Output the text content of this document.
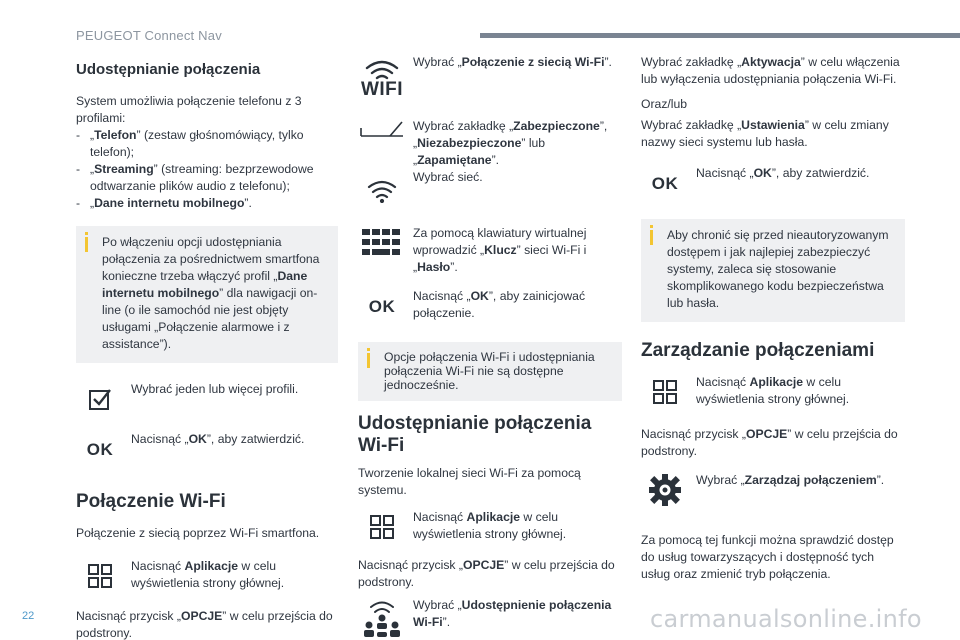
PEUGEOT Connect Nav
Udostępnianie połączenia

System umożliwia połączenie telefonu z 3 profilami:

- „Telefon” (zestaw głośnomówiący, tylko telefon);
- „Streaming” (streaming: bezprzewodowe odtwarzanie plików audio z telefonu);
- „Dane internetu mobilnego”.
Po włączeniu opcji udostępniania połączenia za pośrednictwem smartfona konieczne trzeba włączyć profil „Dane internetu mobilnego” dla nawigacji on-line (o ile samochód nie jest objęty usługami „Połączenie alarmowe i z assistance”).
Wybrać jeden lub więcej profili.
OK
Nacisnąć „OK”, aby zatwierdzić.
Połączenie Wi-Fi

Połączenie z siecią poprzez Wi-Fi smartfona.

Nacisnąć Aplikacje w celu wyświetlenia strony głównej.

Nacisnąć przycisk „OPCJE” w celu przejścia do podstrony.

WIFI
Wybrać „Połączenie z siecią Wi-Fi”.
Wybrać zakładkę „Zabezpieczone”, „Niezabezpieczone” lub „Zapamiętane”.
Wybrać sieć.
Za pomocą klawiatury wirtualnej wprowadzić „Klucz” sieci Wi-Fi i „Hasło”.
OK
Nacisnąć „OK”, aby zainicjować połączenie.
Opcje połączenia Wi-Fi i udostępniania połączenia Wi-Fi nie są dostępne jednocześnie.
Udostępnianie połączenia Wi-Fi

Tworzenie lokalnej sieci Wi-Fi za pomocą systemu.

Nacisnąć Aplikacje w celu wyświetlenia strony głównej.

Nacisnąć przycisk „OPCJE” w celu przejścia do podstrony.

Wybrać „Udostępnienie połączenia Wi-Fi”.

Wybrać zakładkę „Aktywacja” w celu włączenia lub wyłączenia udostępniania połączenia Wi-Fi.

Oraz/lub

Wybrać zakładkę „Ustawienia” w celu zmiany nazwy sieci systemu lub hasła.

OK
Nacisnąć „OK”, aby zatwierdzić.
Aby chronić się przed nieautoryzowanym dostępem i jak najlepiej zabezpieczyć systemy, zaleca się stosowanie skomplikowanego kodu bezpieczeństwa lub hasła.
Zarządzanie połączeniami
Nacisnąć Aplikacje w celu wyświetlenia strony głównej.

Nacisnąć przycisk „OPCJE” w celu przejścia do podstrony.

Wybrać „Zarządzaj połączeniem”.

Za pomocą tej funkcji można sprawdzić dostęp do usług towarzyszących i dostępność tych usług oraz zmienić tryb połączenia.

22	carmanualsonline.info
